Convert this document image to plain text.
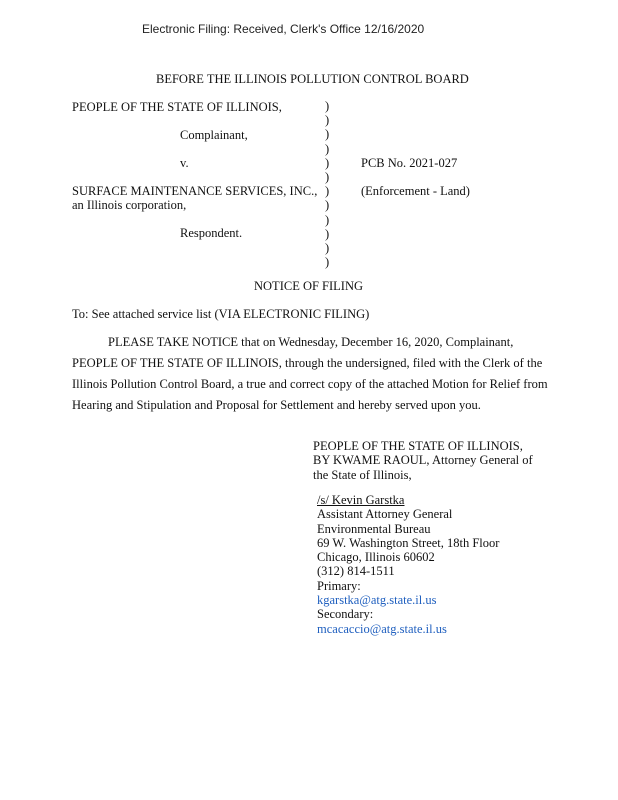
Electronic Filing: Received, Clerk's Office 12/16/2020
BEFORE THE ILLINOIS POLLUTION CONTROL BOARD
PEOPLE OF THE STATE OF ILLINOIS,
Complainant,
v.
SURFACE MAINTENANCE SERVICES, INC.,
an Illinois corporation,
Respondent.
)
)
)
)
)
)
)
)
)
)
)
)
PCB No. 2021-027
(Enforcement - Land)
NOTICE OF FILING
To: See attached service list (VIA ELECTRONIC FILING)
PLEASE TAKE NOTICE that on Wednesday, December 16, 2020, Complainant,
PEOPLE OF THE STATE OF ILLINOIS, through the undersigned, filed with the Clerk of the
Illinois Pollution Control Board, a true and correct copy of the attached Motion for Relief from
Hearing and Stipulation and Proposal for Settlement and hereby served upon you.
PEOPLE OF THE STATE OF ILLINOIS,
BY KWAME RAOUL, Attorney General of
the State of Illinois,
/s/ Kevin Garstka
Assistant Attorney General
Environmental Bureau
69 W. Washington Street, 18th Floor
Chicago, Illinois 60602
(312) 814-1511
Primary:
kgarstka@atg.state.il.us
Secondary:
mcacaccio@atg.state.il.us
